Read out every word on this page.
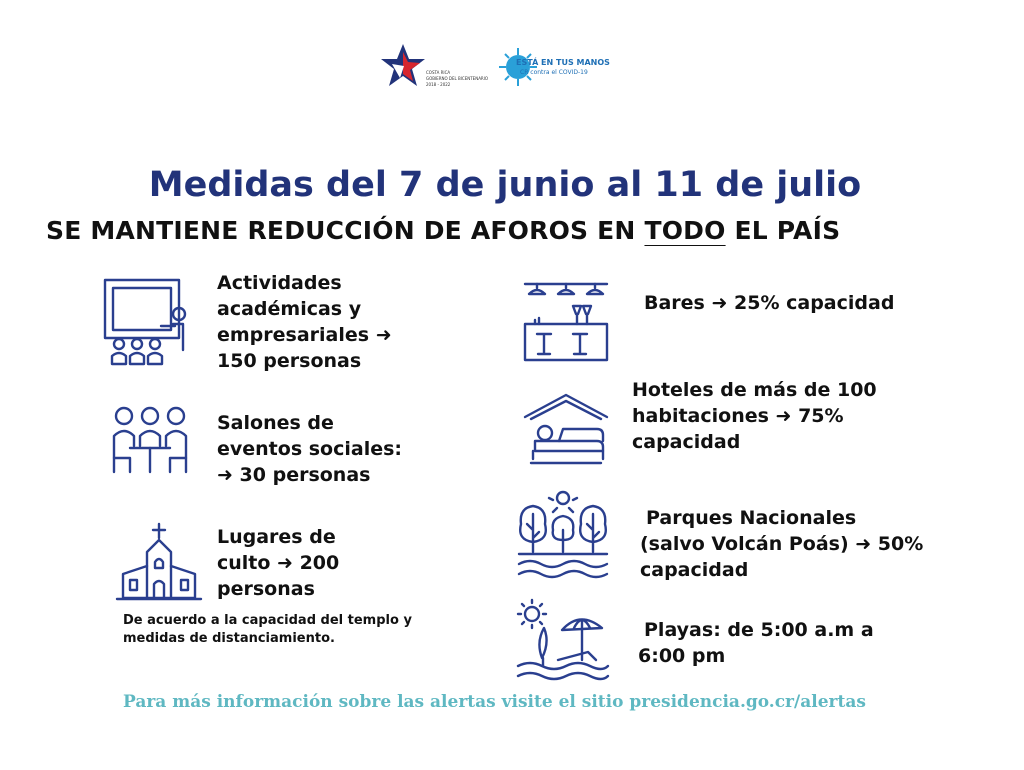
COSTA RICA
GOBIERNO DEL BICENTENARIO
2018 - 2022
ESTÁ EN TUS MANOS
CR contra el COVID-19
Medidas del 7 de junio al 11 de julio
SE MANTIENE REDUCCIÓN DE AFOROS EN TODO EL PAÍS
Actividades
académicas y
empresariales ➜
150 personas
Salones de
eventos sociales:
➜ 30 personas
Lugares de
culto ➜ 200
personas
De acuerdo a la capacidad del templo y
medidas de distanciamiento.
Bares ➜ 25% capacidad
Hoteles de más de 100
habitaciones ➜ 75%
capacidad
Parques Nacionales
(salvo Volcán Poás) ➜ 50%
capacidad
Playas: de 5:00 a.m a
6:00 pm
Para más información sobre las alertas visite el sitio presidencia.go.cr/alertas
